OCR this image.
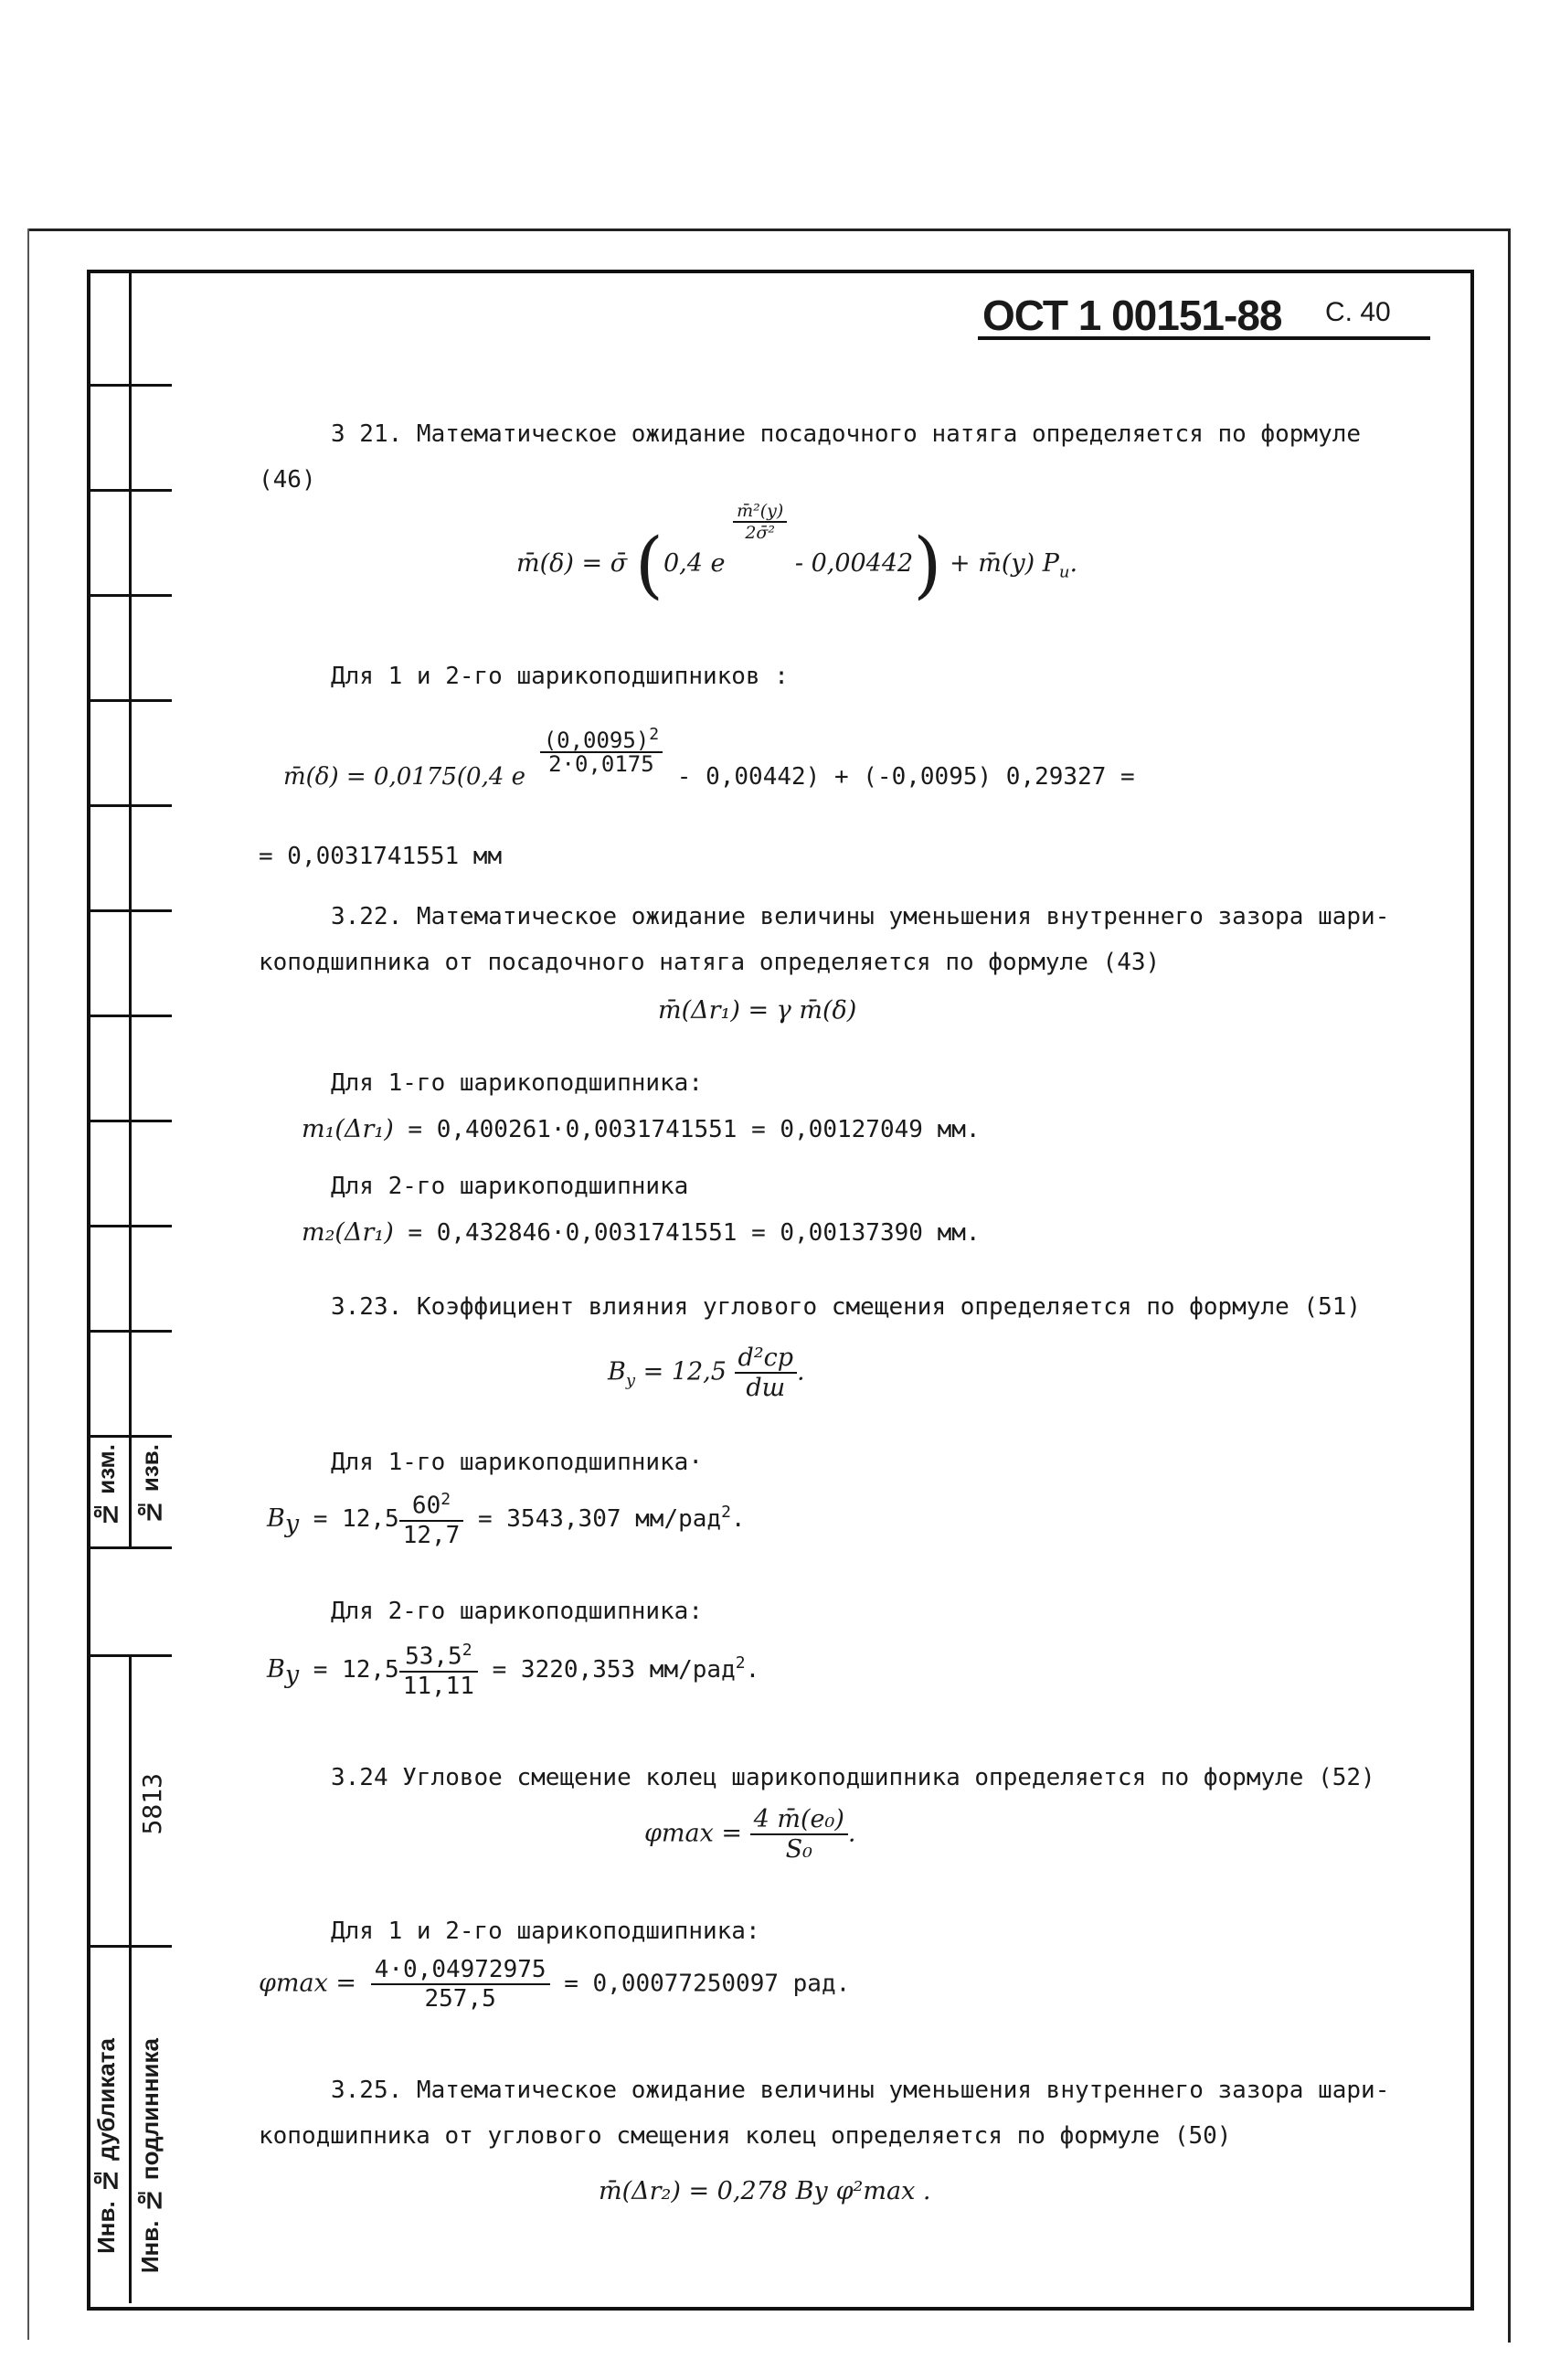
№ изм. № изв.
5813
Инв. № дубликата Инв. № подлинника
ОСТ 1 00151-88 С. 40
3 21. Математическое ожидание посадочного натяга определяется по формуле
(46)
m̄(δ) = σ̄ (0,4 e
$\frac{\text{m̄²(y)}}{\text{2σ̄²}}$
- 0,00442) + m̄(y) $P_u$.
Для 1 и 2-го шарикоподшипников :
m̄(δ) = 0,0175(0,4 e
$\frac{(0,0095)^2}{2\cdot 0,0175}$
- 0,00442) + (-0,0095) 0,29327 =
= 0,0031741551 мм
3.22. Математическое ожидание величины уменьшения внутреннего зазора шари-
коподшипника от посадочного натяга определяется по формуле (43)
m̄(Δr₁) = γ m̄(δ)
Для 1-го шарикоподшипника:
m₁(Δr₁) = 0,400261·0,0031741551 = 0,00127049 мм.
Для 2-го шарикоподшипника
m₂(Δr₁) = 0,432846·0,0031741551 = 0,00137390 мм.
3.23. Коэффициент влияния углового смещения определяется по формуле (51)
$B_y = 12,5 \frac{\text{d²cp}}{dш}$ .
Для 1-го шарикоподшипника·
$B_y = 12,5 \frac{60^2}{12,7} = 3543,307$ мм/рад$^2$.
Для 2-го шарикоподшипника:
$B_y = 12,5 \frac{53,5^2}{11,11} = 3220,353$ мм/рад$^2$.
3.24 Угловое смещение колец шарикоподшипника определяется по формуле (52)
$\varphi\max = \frac{\text{4 m̄(e₀)}}{\text{S₀}}$ .
Для 1 и 2-го шарикоподшипника:
$\varphi\max = \frac{4\cdot 0,04972975}{257,5} = 0,00077250097$ рад.
3.25. Математическое ожидание величины уменьшения внутреннего зазора шари-
коподшипника от углового смещения колец определяется по формуле (50)
m̄(Δr₂) = 0,278 Bу φ²max .
